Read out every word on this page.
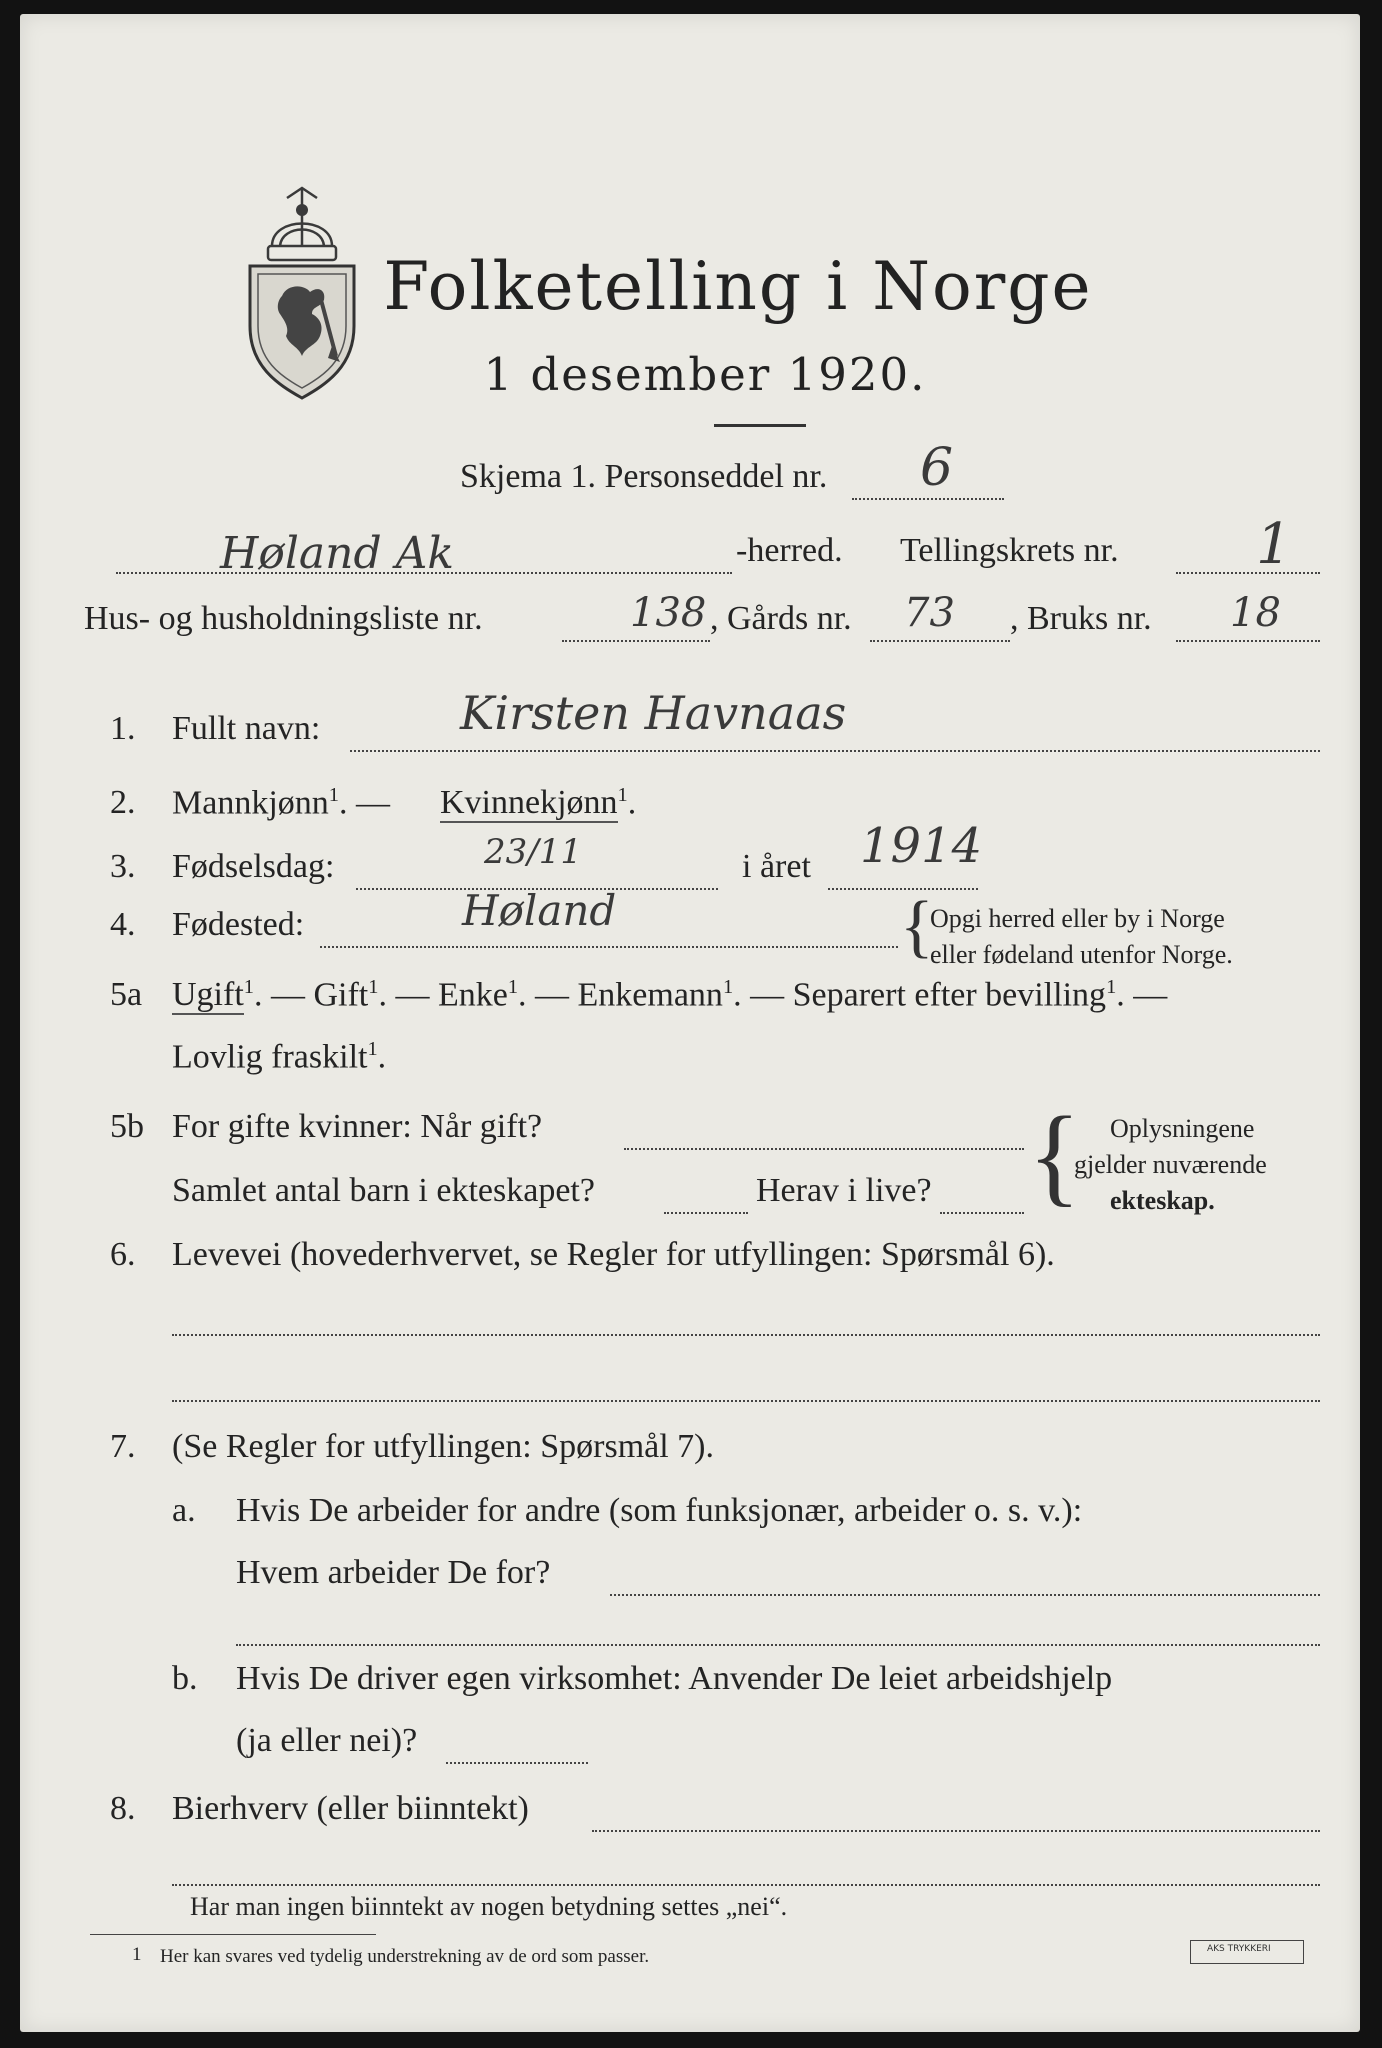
Folketelling i Norge
1 desember 1920.
Skjema 1. Personseddel nr. 6
Høland Ak	-herred. Tellingskrets nr. 1
Hus- og husholdningsliste nr.	138 , Gårds nr. 73 , Bruks nr. 18
1. Fullt navn:	Kirsten Havnaas
2. Mannkjønn$^1$. — Kvinnekjønn$^1$.
3. Fødselsdag:	23/11	i året 1914
4. Fødested:	Høland	{
Opgi herred eller by i Norge
eller fødeland utenfor Norge.
5a Ugift$^1$. — Gift$^1$. — Enke$^1$. — Enkemann$^1$. — Separert efter bevilling$^1$. —
Lovlig fraskilt$^1$.
5b For gifte kvinner: Når gift?
Samlet antal barn i ekteskapet?	Herav i live? { Oplysningene
gjelder nuværende
ekteskap.
6. Levevei (hovederhvervet, se Regler for utfyllingen: Spørsmål 6).
7. (Se Regler for utfyllingen: Spørsmål 7).
a. Hvis De arbeider for andre (som funksjonær, arbeider o. s. v.):
Hvem arbeider De for?
b. Hvis De driver egen virksomhet: Anvender De leiet arbeidshjelp
(ja eller nei)?
8. Bierhverv (eller biinntekt)
Har man ingen biinntekt av nogen betydning settes „nei“.
1 Her kan svares ved tydelig understrekning av de ord som passer.	AKS TRYKKERI
